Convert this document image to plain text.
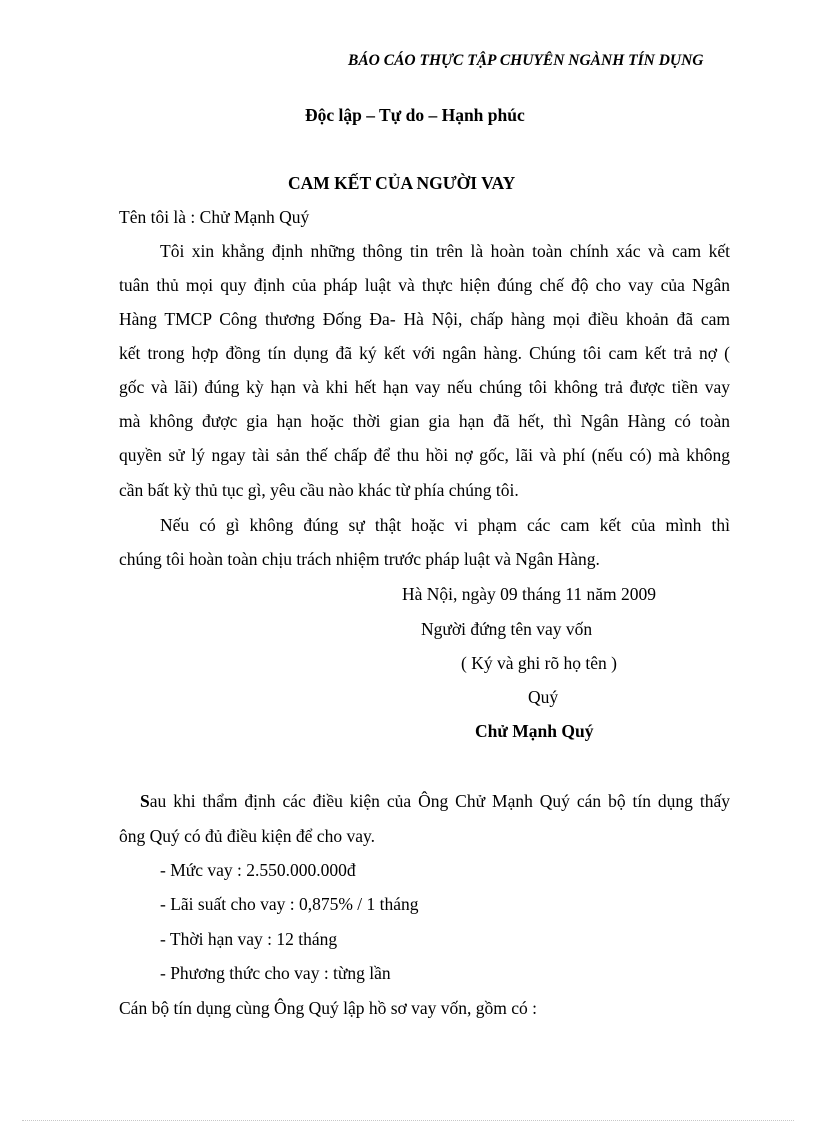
BÁO CÁO THỰC TẬP CHUYÊN NGÀNH TÍN DỤNG
Độc lập – Tự do – Hạnh phúc
CAM KẾT CỦA NGƯỜI VAY
Tên tôi là : Chử Mạnh Quý
Tôi xin khẳng định những thông tin trên là hoàn toàn chính xác và cam kết
tuân thủ mọi quy định của pháp luật và thực hiện đúng chế độ cho vay của Ngân
Hàng TMCP Công thương Đống Đa- Hà Nội, chấp hàng mọi điều khoản đã cam
kết trong hợp đồng tín dụng đã ký kết với ngân hàng. Chúng tôi cam kết trả nợ (
gốc và lãi) đúng kỳ hạn và khi hết hạn vay nếu chúng tôi không trả được tiền vay
mà không được gia hạn hoặc thời gian gia hạn đã hết, thì Ngân Hàng có toàn
quyền sử lý ngay tài sản thế chấp để thu hồi nợ gốc, lãi và phí (nếu có) mà không
cần bất kỳ thủ tục gì, yêu cầu nào khác từ phía chúng tôi.
Nếu có gì không đúng sự thật hoặc vi phạm các cam kết của mình thì
chúng tôi hoàn toàn chịu trách nhiệm trước pháp luật và Ngân Hàng.
Hà Nội, ngày 09 tháng 11 năm 2009
Người đứng tên vay vốn
( Ký và ghi rõ họ tên )
Quý
Chử Mạnh Quý
Sau khi thẩm định các điều kiện của Ông Chử Mạnh Quý cán bộ tín dụng thấy
ông Quý có đủ điều kiện để cho vay.
- Mức vay : 2.550.000.000đ
- Lãi suất cho vay : 0,875% / 1 tháng
- Thời hạn vay : 12 tháng
- Phương thức cho vay : từng lần
Cán bộ tín dụng cùng Ông Quý lập hồ sơ vay vốn, gồm có :
